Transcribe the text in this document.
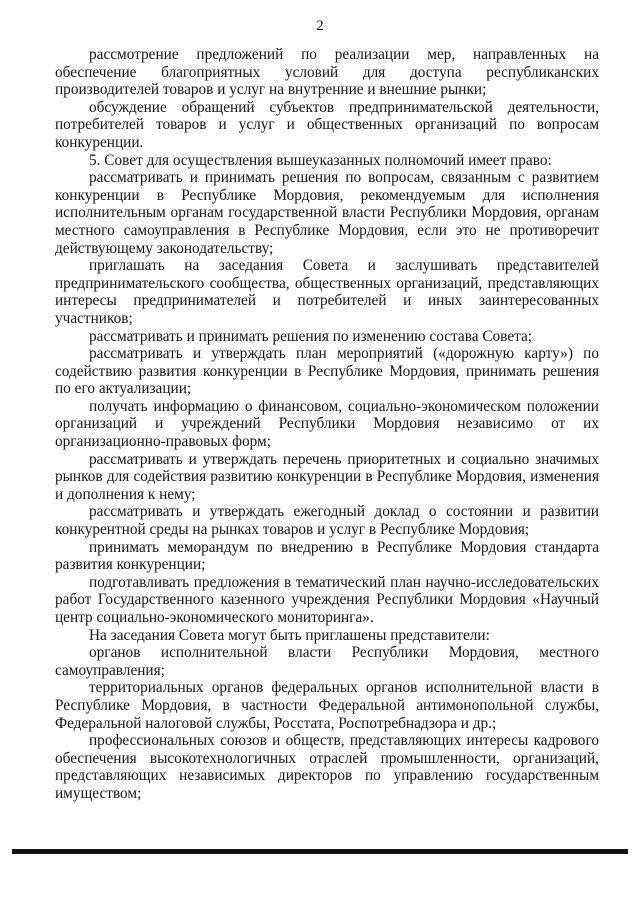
2

рассмотрение предложений по реализации мер, направленных на обеспечение благоприятных условий для доступа республиканских производителей товаров и услуг на внутренние и внешние рынки;

обсуждение обращений субъектов предпринимательской деятельности, потребителей товаров и услуг и общественных организаций по вопросам конкуренции.

5. Совет для осуществления вышеуказанных полномочий имеет право:

рассматривать и принимать решения по вопросам, связанным с развитием конкуренции в Республике Мордовия, рекомендуемым для исполнения исполнительным органам государственной власти Республики Мордовия, органам местного самоуправления в Республике Мордовия, если это не противоречит действующему законодательству;

приглашать на заседания Совета и заслушивать представителей предпринимательского сообщества, общественных организаций, представляющих интересы предпринимателей и потребителей и иных заинтересованных участников;

рассматривать и принимать решения по изменению состава Совета;

рассматривать и утверждать план мероприятий («дорожную карту») по содействию развития конкуренции в Республике Мордовия, принимать решения по его актуализации;

получать информацию о финансовом, социально-экономическом положении организаций и учреждений Республики Мордовия независимо от их организационно-правовых форм;

рассматривать и утверждать перечень приоритетных и социально значимых рынков для содействия развитию конкуренции в Республике Мордовия, изменения и дополнения к нему;

рассматривать и утверждать ежегодный доклад о состоянии и развитии конкурентной среды на рынках товаров и услуг в Республике Мордовия;

принимать меморандум по внедрению в Республике Мордовия стандарта развития конкуренции;

подготавливать предложения в тематический план научно-исследовательских работ Государственного казенного учреждения Республики Мордовия «Научный центр социально-экономического мониторинга».

На заседания Совета могут быть приглашены представители:

органов исполнительной власти Республики Мордовия, местного самоуправления;

территориальных органов федеральных органов исполнительной власти в Республике Мордовия, в частности Федеральной антимонопольной службы, Федеральной налоговой службы, Росстата, Роспотребнадзора и др.;

профессиональных союзов и обществ, представляющих интересы кадрового обеспечения высокотехнологичных отраслей промышленности, организаций, представляющих независимых директоров по управлению государственным имуществом;
